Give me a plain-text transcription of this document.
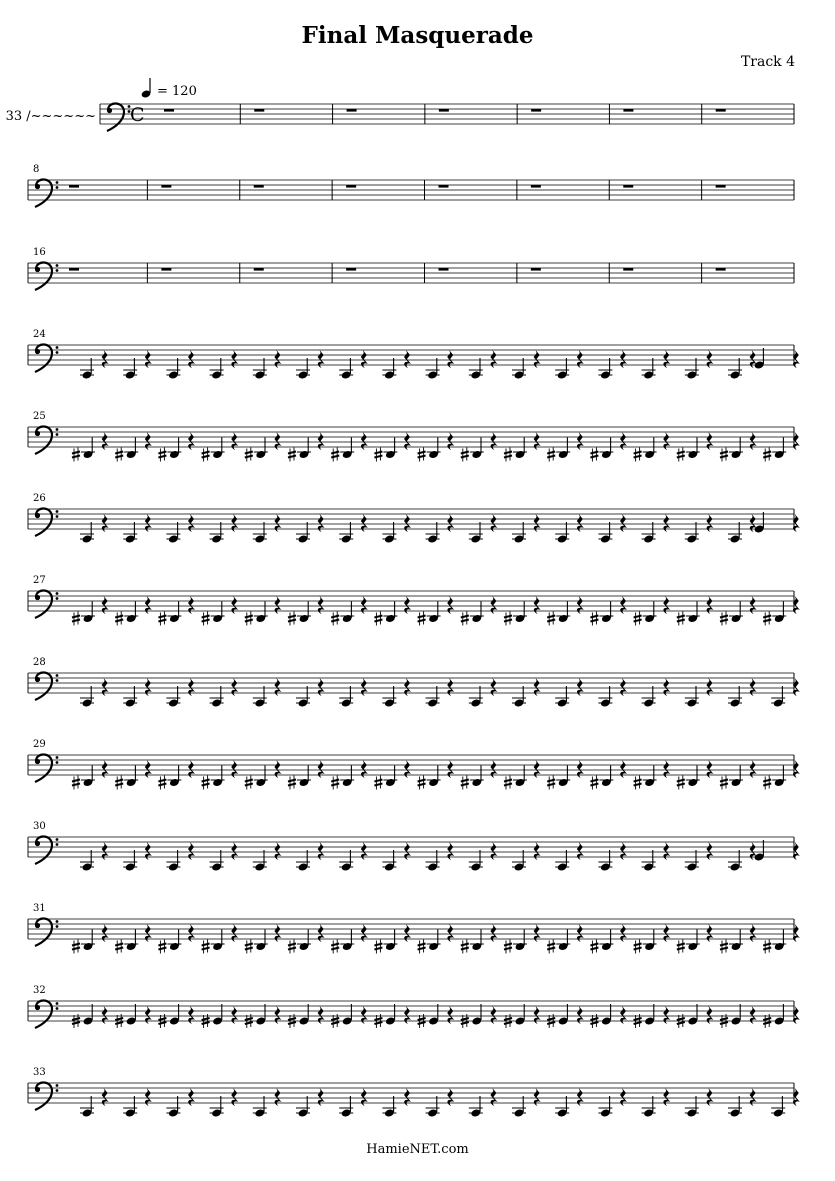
Final Masquerade
Track 4
HamieNET.com
33 /~~~~~~
= 120
C
8
16
24
25
26
27
28
29
30
31
32
33
